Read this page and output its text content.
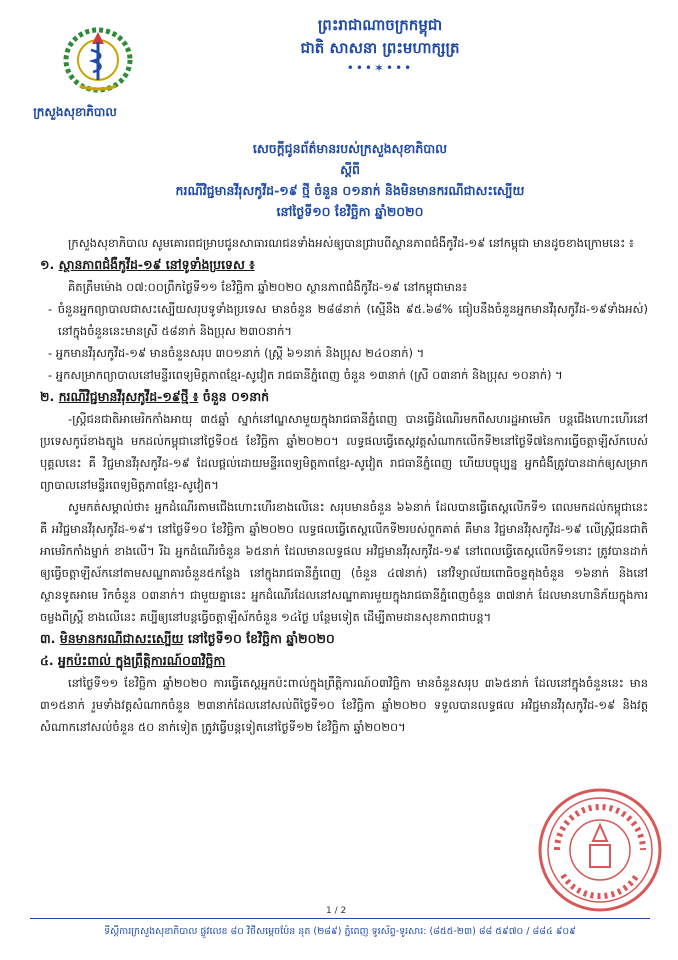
ក្រសួងសុខាភិបាល
ព្រះរាជាណាចក្រកម្ពុជា
ជាតិ សាសនា ព្រះមហាក្សត្រ
•••✶•••
សេចក្តីជូនព័ត៌មានរបស់ក្រសួងសុខាភិបាល
ស្តីពី
ករណីវិជ្ជមានវីរុសកូវីដ-១៩ ថ្មី ចំនួន ០១នាក់ និងមិនមានករណីជាសះស្បើយ
នៅថ្ងៃទី១០ ខែវិច្ឆិកា ឆ្នាំ២០២០

ក្រសួងសុខាភិបាល សូមគោរពជម្រាបជូនសាធារណជនទាំងអស់ឲ្យបានជ្រាបពីស្ថានភាពជំងឺកូវីដ-១៩ នៅកម្ពុជា មានដូចខាងក្រោមនេះ ៖

១. ស្ថានភាពជំងឺកូវីដ-១៩ នៅទូទាំងប្រទេស ៖

គិតត្រឹមម៉ោង ០៧:០០ព្រឹកថ្ងៃទី១១ ខែវិច្ឆិកា ឆ្នាំ២០២០ ស្ថានភាពជំងឺកូវីដ-១៩ នៅកម្ពុជាមាន៖

- ចំនួនអ្នកព្យាបាលជាសះស្បើយសរុបទូទាំងប្រទេស មានចំនួន ២៨៨នាក់ (ស្មើនឹង ៩៥.៦៨% ធៀបនឹងចំនួនអ្នកមានវីរុសកូវីដ-១៩ទាំងអស់) នៅក្នុងចំនួននេះមានស្រី ៥៨នាក់ និងប្រុស ២៣០នាក់។

- អ្នកមានវីរុសកូវីដ-១៩ មានចំនួនសរុប ៣០១នាក់ (ស្រ្តី ៦១នាក់ និងប្រុស ២៤០នាក់) ។

- អ្នកសម្រាកព្យាបាលនៅមន្ទីរពេទ្យមិត្តភាពខ្មែរ-សូវៀត រាជធានីភ្នំពេញ ចំនួន ១៣នាក់ (ស្រី ០៣នាក់ និងប្រុស ១០នាក់) ។

២. ករណីវិជ្ជមានវីរុសកូវីដ-១៩ថ្មី ៖ ចំនួន ០១នាក់

-ស្ត្រីជនជាតិអាមេរិកកាំងអាយុ ៣៥ឆ្នាំ ស្នាក់នៅណ្ឌសាមួយក្នុងរាជធានីភ្នំពេញ បានធ្វើដំណើរមកពីសហរដ្ឋអាមេរិក បន្តជើងហោះហើរនៅប្រទេសកូរ៉េខាងត្បូង មកដល់កម្ពុជានៅថ្ងៃទី០៥ ខែវិច្ឆិកា ឆ្នាំ២០២០។ លទ្ធផលធ្វើតេស្តវត្តសំណាកលើកទី២នៅថ្ងៃទី៧នៃការធ្វើចត្តាឡីស័កបេស់បុគ្គលនេះ គឺ វិជ្ជមានវីរុសកូវីដ-១៩ ដែលផ្តល់ដោយមន្ទីរពេទ្យមិត្តភាពខ្មែរ-សូវៀត រាជធានីភ្នំពេញ ហើយបច្ចុប្បន្ន អ្នកជំងឺត្រូវបានដាក់ឲ្យសម្រាកព្យាបាលនៅមន្ទីរពេទ្យមិត្តភាពខ្មែរ-សូវៀត។

សូមកត់សម្គាល់ថា៖ អ្នកដំណើរតាមជើងហោះហើរខាងលើនេះ សរុបមានចំនួន ៦៦នាក់ ដែលបានធ្វើតេស្តលើកទី១ ពេលមកដល់កម្ពុជានេះ គឺ អវិជ្ជមានវីរុសកូវីដ-១៩។ នៅថ្ងៃទី១០ ខែវិច្ឆិកា ឆ្នាំ២០២០ លទ្ធផលធ្វើតេស្តលើកទី២របស់ពួកគាត់ គឺមាន វិជ្ជមានវីរុសកូវីដ-១៩ លើស្ត្រីជនជាតិអាមេរិកកាំងម្នាក់ ខាងលើ។ រីឯ អ្នកដំណើរចំនួន ៦៥នាក់ ដែលមានលទ្ធផល អវិជ្ជមានវីរុសកូវីដ-១៩ នៅពេលធ្វើតេស្តលើកទី១នោះ ត្រូវបានដាក់ឲ្យធ្វើចត្តាឡីស័កនៅតាមសណ្ឋាគារចំនួន៥កន្លែង នៅក្នុងរាជធានីភ្នំពេញ (ចំនួន ៤៧នាក់) នៅវិទ្យាល័យពោធិចន្ទតុងចំនួន ១៦នាក់ និងនៅស្ថានទូតអាមេ រិកចំនួន ០៣នាក់។ ជាមួយគ្នានេះ អ្នកដំណើរដែលនៅសណ្ឋាគារមួយក្នុងរាជធានីភ្នំពេញចំនួន ៣៧នាក់ ដែលមានហានិភ័យក្នុងការចម្លងពីស្ត្រី ខាងលើនេះ គប្បីឲ្យនៅបន្តធ្វើចត្តាឡីស័កចំនួន ១៤ថ្ងៃ បន្ថែមទៀត ដើម្បីតាមដានសុខភាពជាបន្ត។

៣. មិនមានករណីជាសះស្បើយ នៅថ្ងៃទី១០ ខែវិច្ឆិកា ឆ្នាំ២០២០
៤. អ្នកប៉ះពាល់ ក្នុងព្រឹត្តិការណ៍០៣វិច្ឆិកា

នៅថ្ងៃទី១១ ខែវិច្ឆិកា ឆ្នាំ២០២០ ការធ្វើតេស្តអ្នកប៉ះពាល់ក្នុងព្រឹត្តិការណ៍០៣វិច្ឆិកា មានចំនួនសរុប ៣៦៥នាក់ ដែលនៅក្នុងចំនួននេះ មាន ៣១៥នាក់ រួមទាំងវត្តសំណាកចំនួន ២៣នាក់ដែលនៅសល់ពីថ្ងៃទី១០ ខែវិច្ឆិកា ឆ្នាំ២០២០ ទទួលបានលទ្ធផល អវិជ្ជមានវីរុសកូវីដ-១៩ និងវត្តសំណាកនៅសល់ចំនួន ៥០ នាក់ទៀត ត្រូវធ្វើបន្តទៀតនៅថ្ងៃទី១២ ខែវិច្ឆិកា ឆ្នាំ២០២០។

1 / 2
ទីស្តីការក្រសួងសុខាភិបាល ផ្លូវលេខ ៨០ វិថីសម្តេចប៉ែន នុត (២៨៩) ភ្នំពេញ ទូរស័ព្ទ-ទូរសារ: (៨៥៥-២៣) ៨៨ ៥៩៧០ / ៨៨៤ ៩០៩
